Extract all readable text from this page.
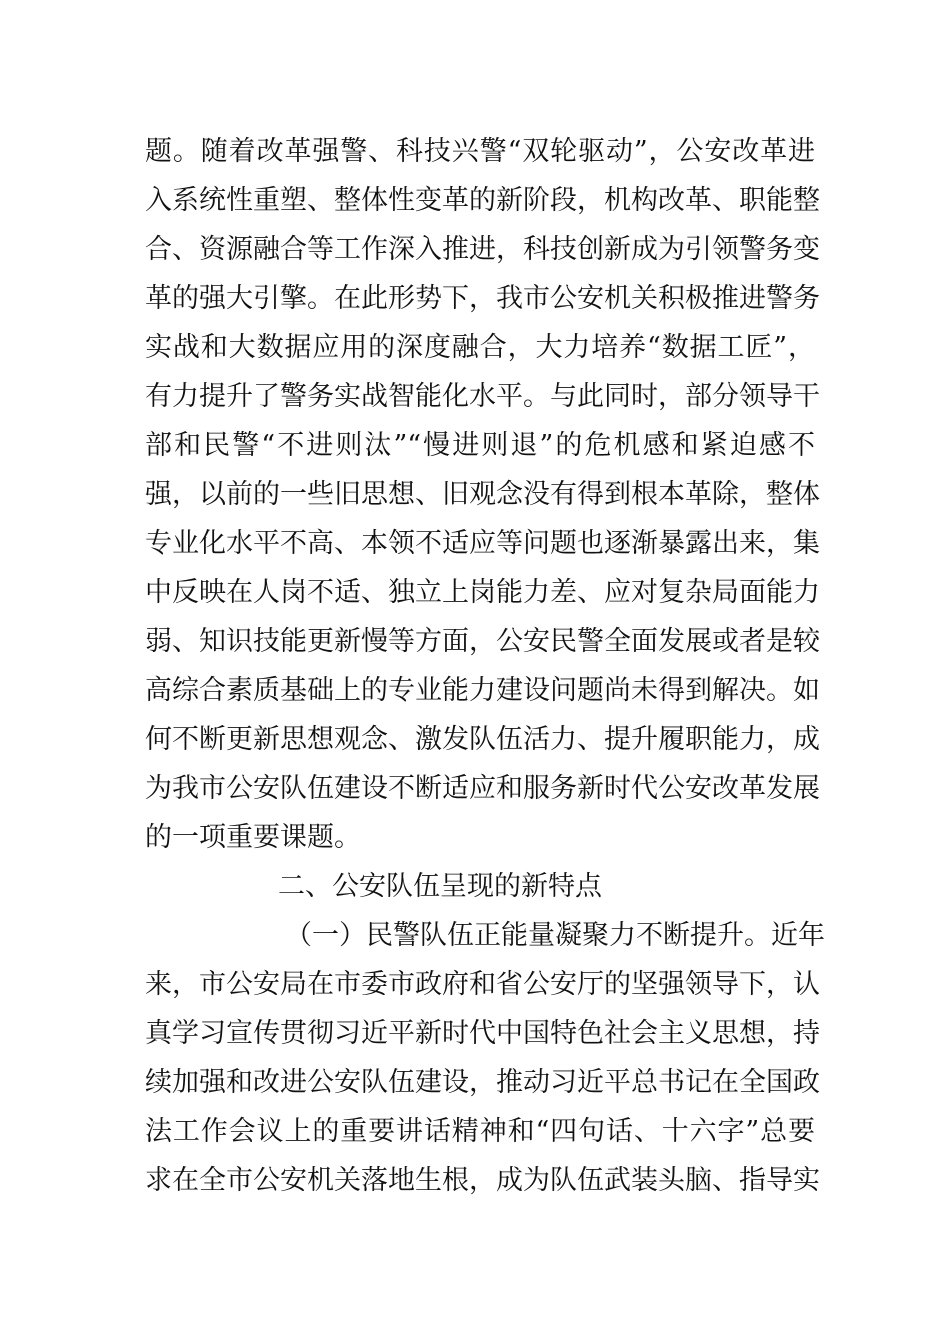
题。随着改革强警、科技兴警“双轮驱动”，公安改革进
入系统性重塑、整体性变革的新阶段，机构改革、职能整
合、资源融合等工作深入推进，科技创新成为引领警务变
革的强大引擎。在此形势下，我市公安机关积极推进警务
实战和大数据应用的深度融合，大力培养“数据工匠”，
有力提升了警务实战智能化水平。与此同时，部分领导干
部和民警“不进则汰”“慢进则退”的危机感和紧迫感不
强，以前的一些旧思想、旧观念没有得到根本革除，整体
专业化水平不高、本领不适应等问题也逐渐暴露出来，集
中反映在人岗不适、独立上岗能力差、应对复杂局面能力
弱、知识技能更新慢等方面，公安民警全面发展或者是较
高综合素质基础上的专业能力建设问题尚未得到解决。如
何不断更新思想观念、激发队伍活力、提升履职能力，成
为我市公安队伍建设不断适应和服务新时代公安改革发展
的一项重要课题。
二、公安队伍呈现的新特点
（一）民警队伍正能量凝聚力不断提升。近年
来，市公安局在市委市政府和省公安厅的坚强领导下，认
真学习宣传贯彻习近平新时代中国特色社会主义思想，持
续加强和改进公安队伍建设，推动习近平总书记在全国政
法工作会议上的重要讲话精神和“四句话、十六字”总要
求在全市公安机关落地生根，成为队伍武装头脑、指导实
